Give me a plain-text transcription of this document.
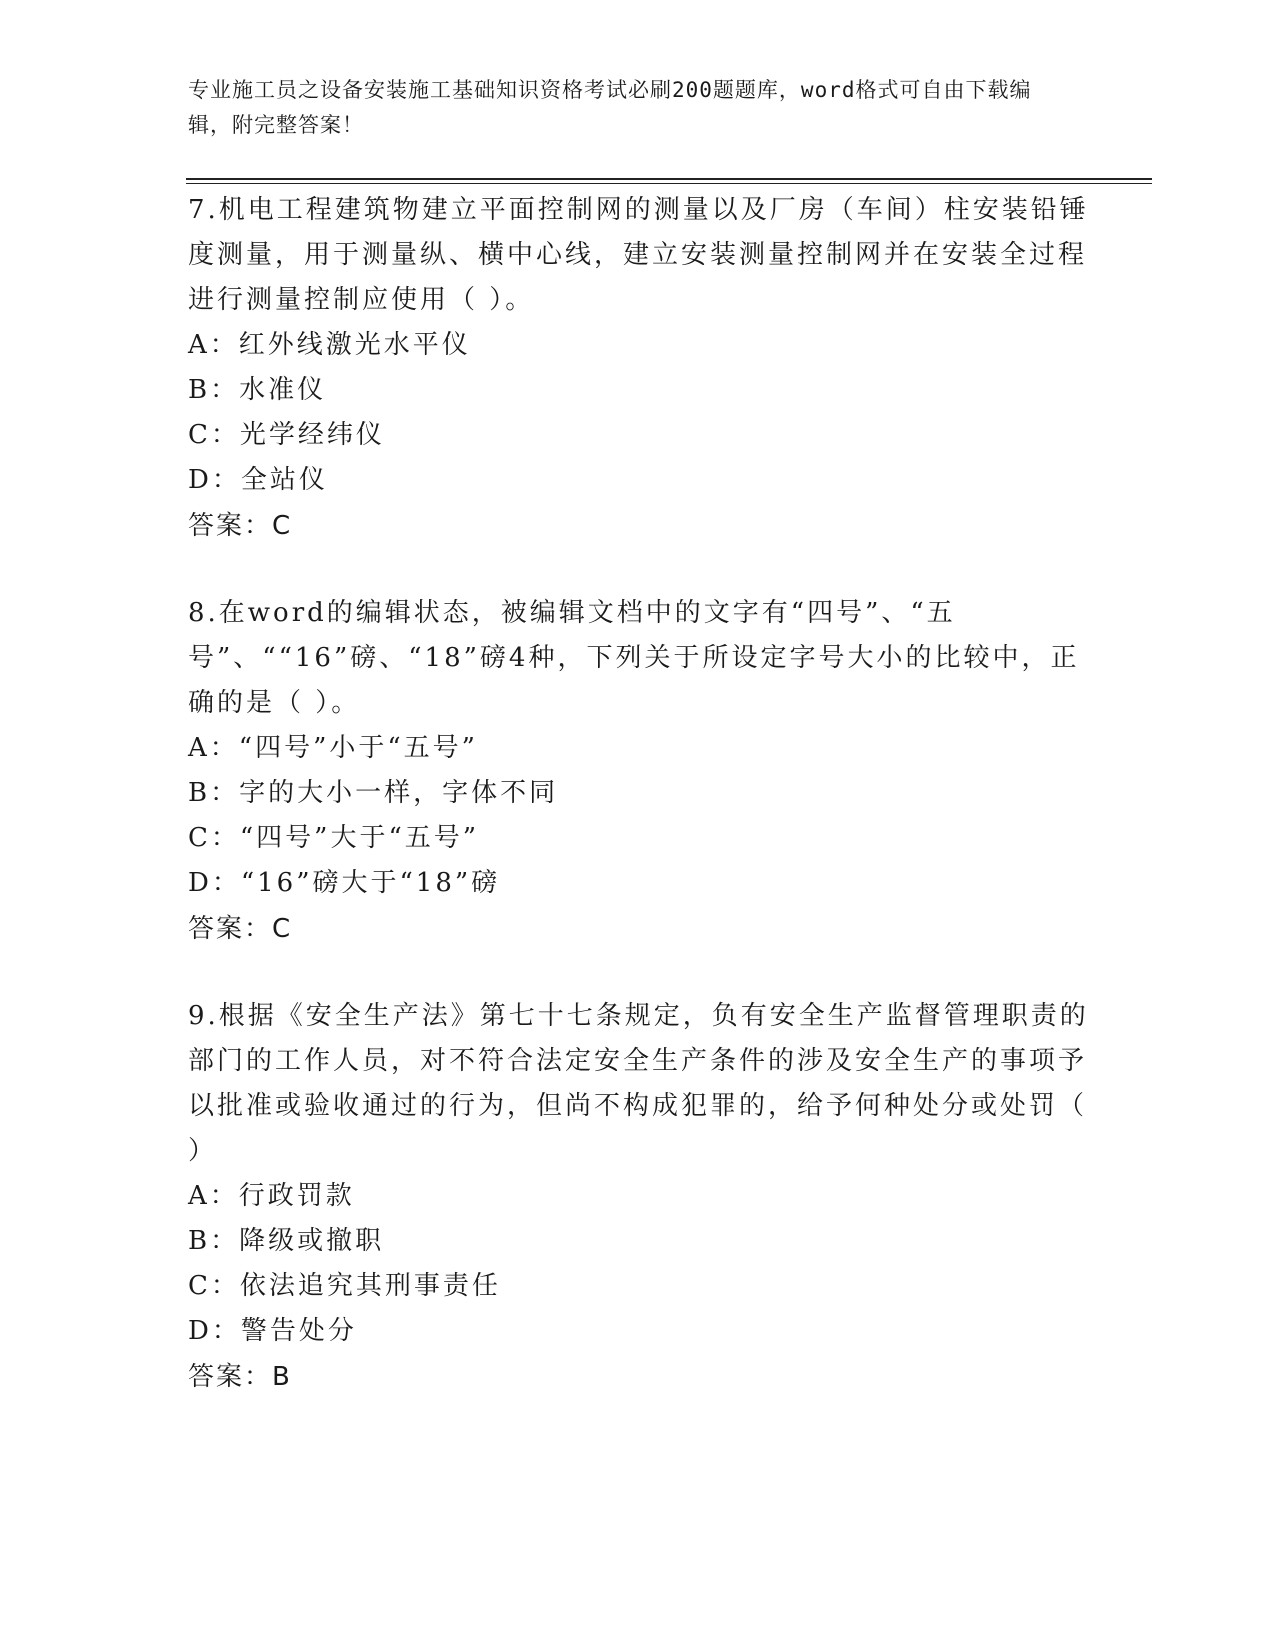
专业施工员之设备安装施工基础知识资格考试必刷200题题库，word格式可自由下载编辑，附完整答案！

7.机电工程建筑物建立平面控制网的测量以及厂房（车间）柱安装铅锤度测量，用于测量纵、横中心线，建立安装测量控制网并在安装全过程进行测量控制应使用（ ）。

A：红外线激光水平仪

B：水准仪

C：光学经纬仪

D：全站仪

答案：C

8.在word的编辑状态，被编辑文档中的文字有“四号”、“五号”、““16”磅、“18”磅4种，下列关于所设定字号大小的比较中，正确的是（ ）。

A：“四号”小于“五号”

B：字的大小一样，字体不同

C：“四号”大于“五号”

D：“16”磅大于“18”磅

答案：C

9.根据《安全生产法》第七十七条规定，负有安全生产监督管理职责的部门的工作人员，对不符合法定安全生产条件的涉及安全生产的事项予以批准或验收通过的行为，但尚不构成犯罪的，给予何种处分或处罚（ ）

A：行政罚款

B：降级或撤职

C：依法追究其刑事责任

D：警告处分

答案：B
